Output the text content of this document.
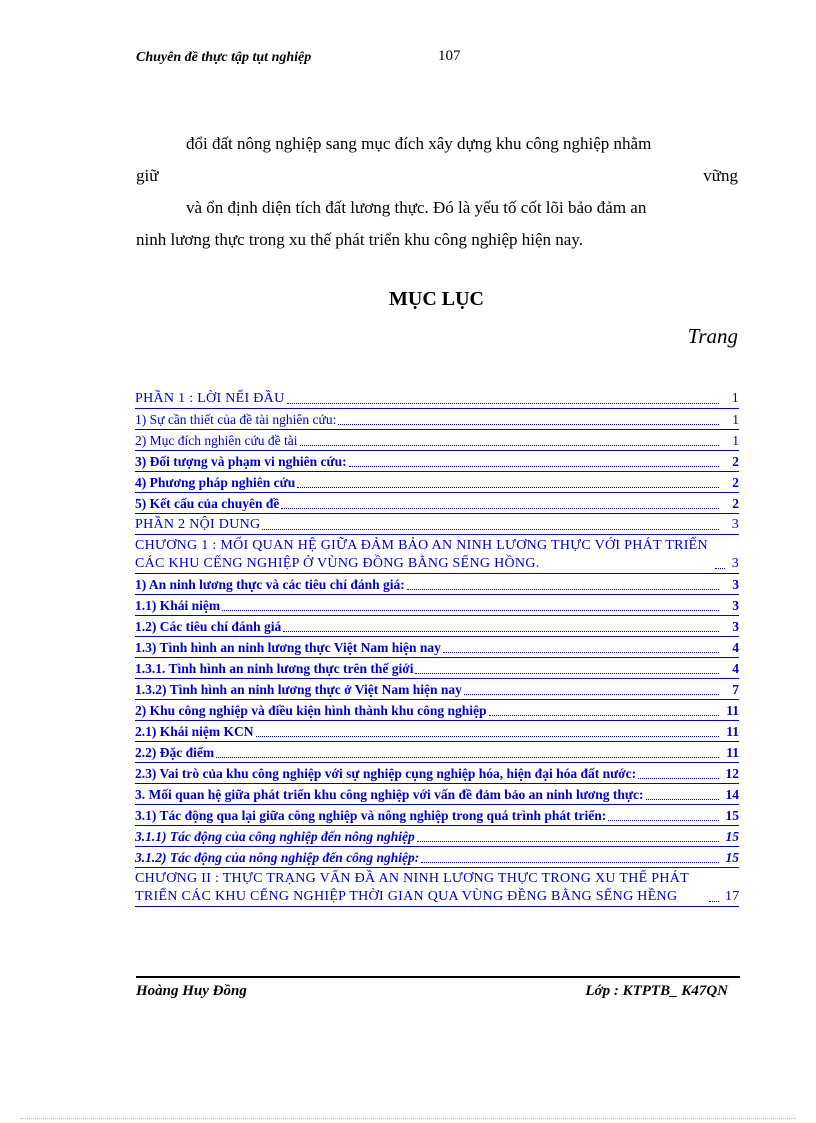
Chuyên đề thực tập tụt nghiệp	107
đổi đất nông nghiệp sang mục đích xây dựng khu công nghiệp nhằm
giữ	vững
và ổn định diện tích đất lương thực. Đó là yếu tố cốt lõi bảo đảm an
ninh lương thực trong xu thế phát triển khu công nghiệp hiện nay.
MỤC LỤC
Trang
PHẦN 1 : LỜI NỂI ĐẦU	1
1) Sự cần thiết của đề tài nghiên cứu:	1
2) Mục đích nghiên cứu đề tài	1
3) Đối tượng và phạm vi nghiên cứu:	2
4) Phương pháp nghiên cứu	2
5) Kết cấu của chuyên đề	2
PHẦN 2 NỘI DUNG	3
CHƯƠNG 1 : MỐI QUAN HỆ GIỮA ĐẢM BẢO AN NINH LƯƠNG THỰC VỚI PHÁT TRIỂN CÁC KHU CẾNG NGHIỆP Ở VÙNG ĐỒNG BẰNG SẾNG HỒNG.	3
1) An ninh lương thực và các tiêu chí đánh giá:	3
1.1) Khái niệm	3
1.2) Các tiêu chí đánh giá	3
1.3) Tình hình an ninh lương thực Việt Nam hiện nay	4
1.3.1. Tình hình an ninh lương thực trên thế giới	4
1.3.2) Tình hình an ninh lương thực ở Việt Nam hiện nay	7
2) Khu công nghiệp và điều kiện hình thành khu công nghiệp	11
2.1) Khái niệm KCN	11
2.2) Đặc điểm	11
2.3) Vai trò của khu công nghiệp với sự nghiệp cụng nghiệp hóa, hiện đại hóa đất nước:	12
3. Mối quan hệ giữa phát triển khu công nghiệp với vấn đề đảm bảo an ninh lương thực:	14
3.1) Tác động qua lại giữa công nghiệp và nông nghiệp trong quá trình phát triển:	15
3.1.1) Tác động của công nghiệp đến nông nghiệp	15
3.1.2) Tác động của nông nghiệp đến công nghiệp:	15
CHƯƠNG II : THỰC TRẠNG VẤN ĐẦ AN NINH LƯƠNG THỰC TRONG XU THẾ PHÁT TRIỂN CÁC KHU CẾNG NGHIỆP THỜI GIAN QUA VÙNG ĐỀNG BẰNG SẾNG HỀNG	17
Hoàng Huy Đồng	Lớp : KTPTB_ K47QN
